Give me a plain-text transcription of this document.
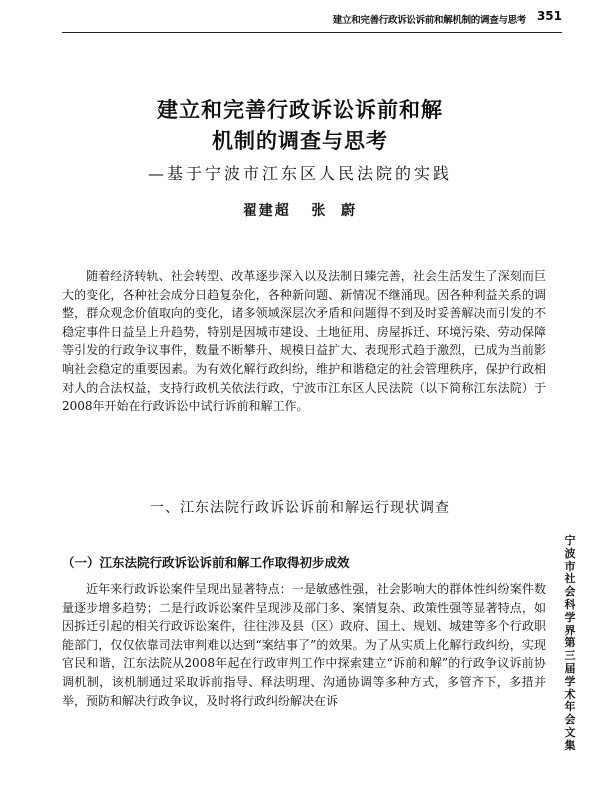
建立和完善行政诉讼诉前和解机制的调查与思考 351
建立和完善行政诉讼诉前和解
机制的调查与思考
—基于宁波市江东区人民法院的实践
翟建超   张  蔚

随着经济转轨、社会转型、改革逐步深入以及法制日臻完善，社会生活发生了深刻而巨大的变化，各种社会成分日趋复杂化，各种新问题、新情况不继涌现。因各种利益关系的调整，群众观念价值取向的变化，诸多领域深层次矛盾和问题得不到及时妥善解决而引发的不稳定事件日益呈上升趋势，特别是因城市建设、土地征用、房屋拆迁、环境污染、劳动保障等引发的行政争议事件，数量不断攀升、规模日益扩大、表现形式趋于激烈，已成为当前影响社会稳定的重要因素。为有效化解行政纠纷，维护和谐稳定的社会管理秩序，保护行政相对人的合法权益，支持行政机关依法行政，宁波市江东区人民法院（以下简称江东法院）于2008年开始在行政诉讼中试行诉前和解工作。

一、江东法院行政诉讼诉前和解运行现状调查
（一）江东法院行政诉讼诉前和解工作取得初步成效

近年来行政诉讼案件呈现出显著特点：一是敏感性强，社会影响大的群体性纠纷案件数量逐步增多趋势；二是行政诉讼案件呈现涉及部门多、案情复杂、政策性强等显著特点，如因拆迁引起的相关行政诉讼案件，往往涉及县（区）政府、国土、规划、城建等多个行政职能部门，仅仅依靠司法审判难以达到“案结事了”的效果。为了从实质上化解行政纠纷，实现官民和谐，江东法院从2008年起在行政审判工作中探索建立“诉前和解”的行政争议诉前协调机制，该机制通过采取诉前指导、释法明理、沟通协调等多种方式，多管齐下，多措并举，预防和解决行政争议，及时将行政纠纷解决在诉

宁波市社会科学界第三届学术年会文集
